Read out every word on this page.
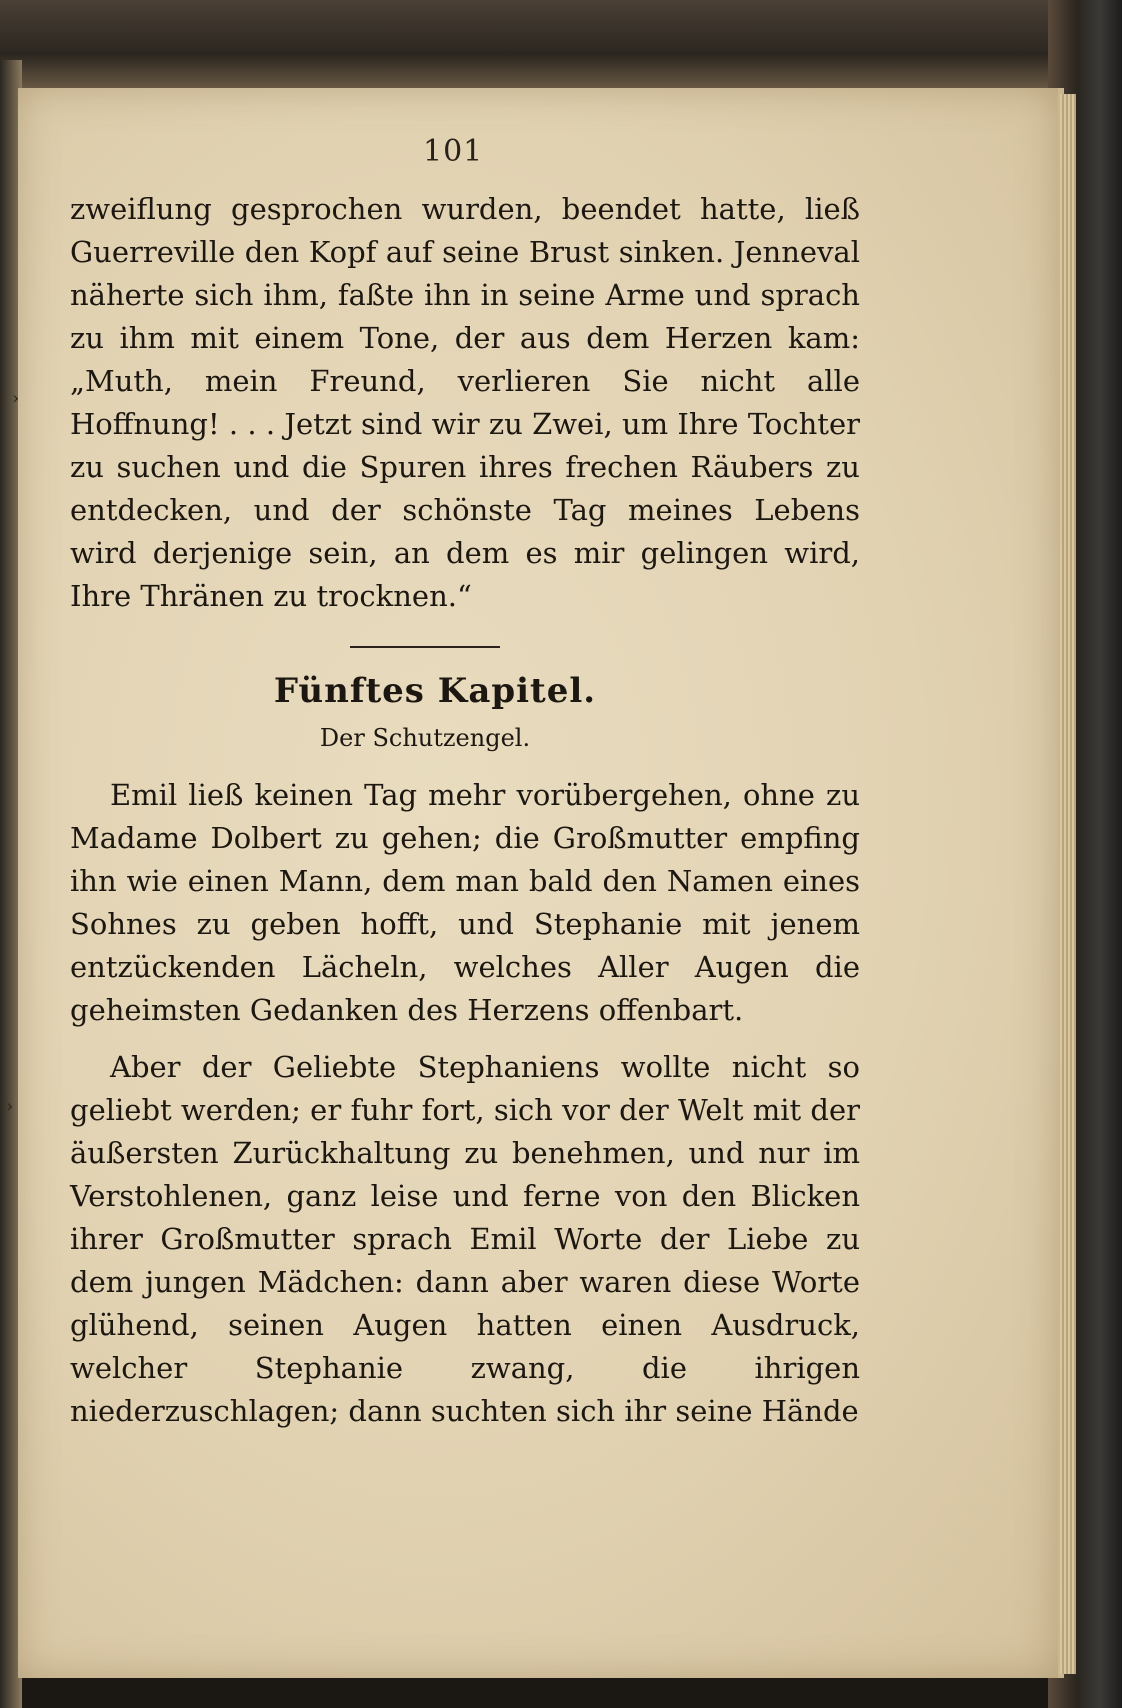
101
›
›

zweiflung gesprochen wurden, beendet hatte, ließ Guerreville den Kopf auf seine Brust sinken. Jenneval näherte sich ihm, faßte ihn in seine Arme und sprach zu ihm mit einem Tone, der aus dem Herzen kam: „Muth, mein Freund, verlieren Sie nicht alle Hoffnung! . . . Jetzt sind wir zu Zwei, um Ihre Tochter zu suchen und die Spuren ihres frechen Räubers zu entdecken, und der schönste Tag meines Lebens wird derjenige sein, an dem es mir gelingen wird, Ihre Thränen zu trocknen.“

Fünftes Kapitel.
Der Schutzengel.

Emil ließ keinen Tag mehr vorübergehen, ohne zu Madame Dolbert zu gehen; die Großmutter empfing ihn wie einen Mann, dem man bald den Namen eines Sohnes zu geben hofft, und Stephanie mit jenem entzückenden Lächeln, welches Aller Augen die geheimsten Gedanken des Herzens offenbart.

Aber der Geliebte Stephaniens wollte nicht so geliebt werden; er fuhr fort, sich vor der Welt mit der äußersten Zurückhaltung zu benehmen, und nur im Verstohlenen, ganz leise und ferne von den Blicken ihrer Großmutter sprach Emil Worte der Liebe zu dem jungen Mädchen: dann aber waren diese Worte glühend, seinen Augen hatten einen Ausdruck, welcher Stephanie zwang, die ihrigen niederzuschlagen; dann suchten sich ihr seine Hände
